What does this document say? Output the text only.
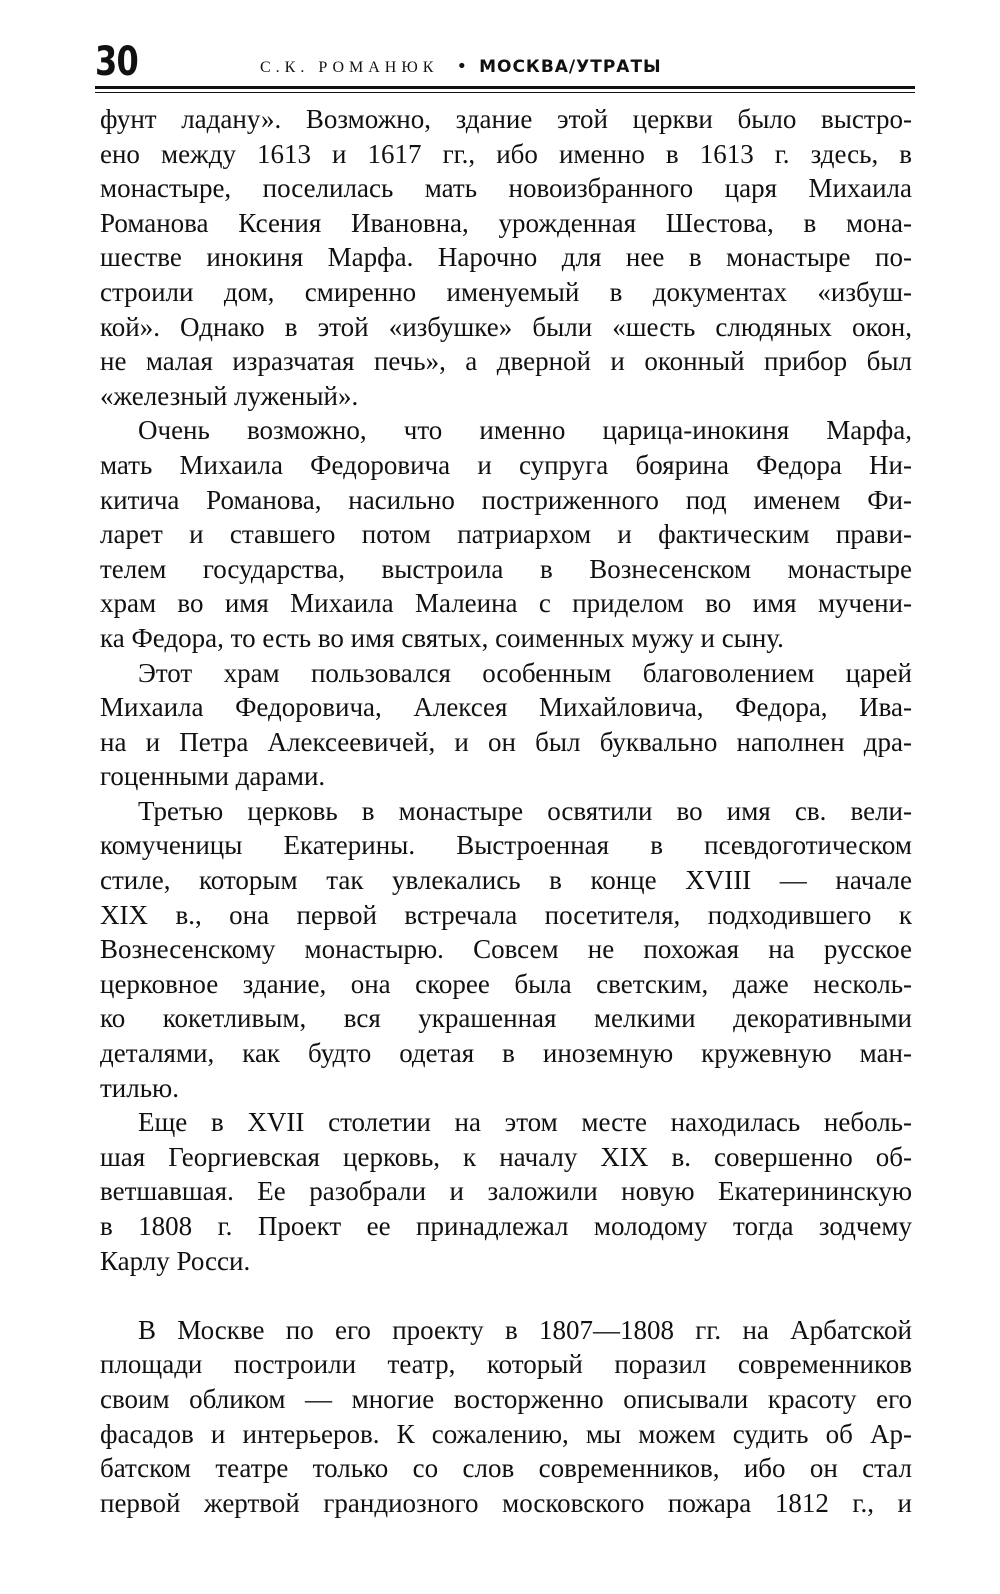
30	С.К. РОМАНЮК • МОСКВА/УТРАТЫ
фунт ладану». Возможно, здание этой церкви было выстро-
ено между 1613 и 1617 гг., ибо именно в 1613 г. здесь, в
монастыре, поселилась мать новоизбранного царя Михаила
Романова Ксения Ивановна, урожденная Шестова, в мона-
шестве инокиня Марфа. Нарочно для нее в монастыре по-
строили дом, смиренно именуемый в документах «избуш-
кой». Однако в этой «избушке» были «шесть слюдяных окон,
не малая изразчатая печь», а дверной и оконный прибор был
«железный луженый».
Очень возможно, что именно царица-инокиня Марфа,
мать Михаила Федоровича и супруга боярина Федора Ни-
китича Романова, насильно постриженного под именем Фи-
ларет и ставшего потом патриархом и фактическим прави-
телем государства, выстроила в Вознесенском монастыре
храм во имя Михаила Малеина с приделом во имя мучени-
ка Федора, то есть во имя святых, соименных мужу и сыну.
Этот храм пользовался особенным благоволением царей
Михаила Федоровича, Алексея Михайловича, Федора, Ива-
на и Петра Алексеевичей, и он был буквально наполнен дра-
гоценными дарами.
Третью церковь в монастыре освятили во имя св. вели-
комученицы Екатерины. Выстроенная в псевдоготическом
стиле, которым так увлекались в конце XVIII — начале
XIX в., она первой встречала посетителя, подходившего к
Вознесенскому монастырю. Совсем не похожая на русское
церковное здание, она скорее была светским, даже несколь-
ко кокетливым, вся украшенная мелкими декоративными
деталями, как будто одетая в иноземную кружевную ман-
тилью.
Еще в XVII столетии на этом месте находилась неболь-
шая Георгиевская церковь, к началу XIX в. совершенно об-
ветшавшая. Ее разобрали и заложили новую Екатерининскую
в 1808 г. Проект ее принадлежал молодому тогда зодчему
Карлу Росси.
В Москве по его проекту в 1807—1808 гг. на Арбатской
площади построили театр, который поразил современников
своим обликом — многие восторженно описывали красоту его
фасадов и интерьеров. К сожалению, мы можем судить об Ар-
батском театре только со слов современников, ибо он стал
первой жертвой грандиозного московского пожара 1812 г., и
